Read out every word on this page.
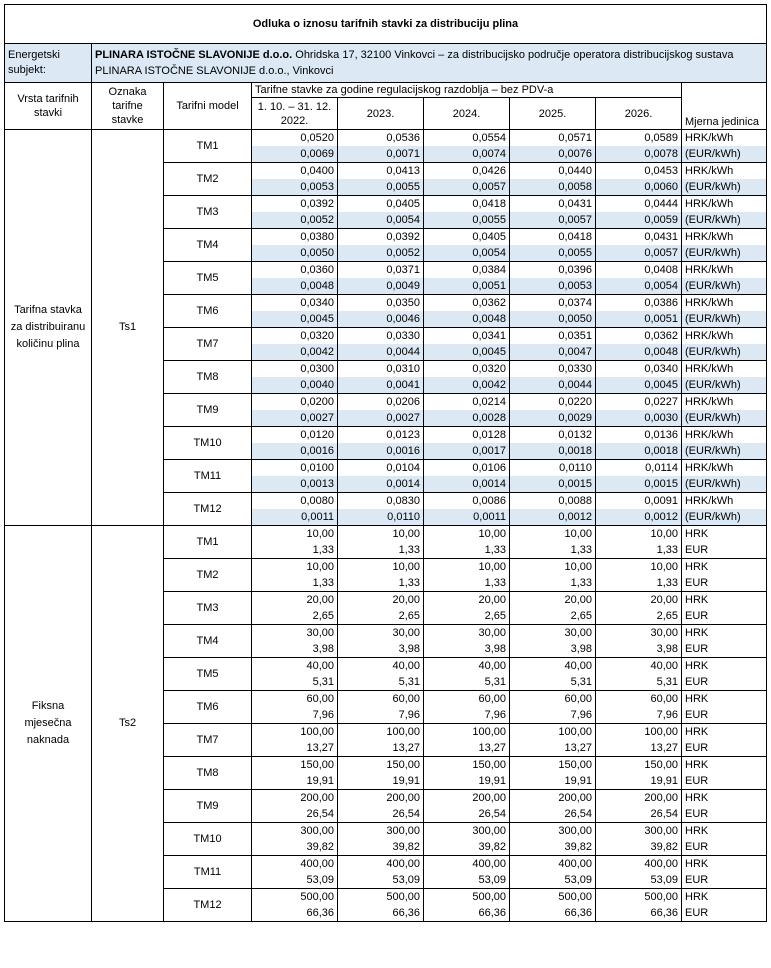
Odluka o iznosu tarifnih stavki za distribuciju plina								
Energetski subjekt:	PLINARA ISTOČNE SLAVONIJE d.o.o. Ohridska 17, 32100 Vinkovci – za distribucijsko područje operatora distribucijskog sustava PLINARA ISTOČNE SLAVONIJE d.o.o., Vinkovci							
Vrsta tarifnih stavki	Oznaka tarifne stavke	Tarifni model	Tarifne stavke za godine regulacijskog razdoblja – bez PDV-a					Mjerna jedinica
			1. 10. – 31. 12. 2022.	2023.	2024.	2025.	2026.	
Tarifna stavka za distribuiranu količinu plina	Ts1	TM1	0,0520	0,0536	0,0554	0,0571	0,0589	HRK/kWh
			0,0069	0,0071	0,0074	0,0076	0,0078	(EUR/kWh)
		TM2	0,0400	0,0413	0,0426	0,0440	0,0453	HRK/kWh
			0,0053	0,0055	0,0057	0,0058	0,0060	(EUR/kWh)
		TM3	0,0392	0,0405	0,0418	0,0431	0,0444	HRK/kWh
			0,0052	0,0054	0,0055	0,0057	0,0059	(EUR/kWh)
		TM4	0,0380	0,0392	0,0405	0,0418	0,0431	HRK/kWh
			0,0050	0,0052	0,0054	0,0055	0,0057	(EUR/kWh)
		TM5	0,0360	0,0371	0,0384	0,0396	0,0408	HRK/kWh
			0,0048	0,0049	0,0051	0,0053	0,0054	(EUR/kWh)
		TM6	0,0340	0,0350	0,0362	0,0374	0,0386	HRK/kWh
			0,0045	0,0046	0,0048	0,0050	0,0051	(EUR/kWh)
		TM7	0,0320	0,0330	0,0341	0,0351	0,0362	HRK/kWh
			0,0042	0,0044	0,0045	0,0047	0,0048	(EUR/kWh)
		TM8	0,0300	0,0310	0,0320	0,0330	0,0340	HRK/kWh
			0,0040	0,0041	0,0042	0,0044	0,0045	(EUR/kWh)
		TM9	0,0200	0,0206	0,0214	0,0220	0,0227	HRK/kWh
			0,0027	0,0027	0,0028	0,0029	0,0030	(EUR/kWh)
		TM10	0,0120	0,0123	0,0128	0,0132	0,0136	HRK/kWh
			0,0016	0,0016	0,0017	0,0018	0,0018	(EUR/kWh)
		TM11	0,0100	0,0104	0,0106	0,0110	0,0114	HRK/kWh
			0,0013	0,0014	0,0014	0,0015	0,0015	(EUR/kWh)
		TM12	0,0080	0,0830	0,0086	0,0088	0,0091	HRK/kWh
			0,0011	0,0110	0,0011	0,0012	0,0012	(EUR/kWh)
Fiksna mjesečna naknada	Ts2	TM1	10,00	10,00	10,00	10,00	10,00	HRK
			1,33	1,33	1,33	1,33	1,33	EUR
		TM2	10,00	10,00	10,00	10,00	10,00	HRK
			1,33	1,33	1,33	1,33	1,33	EUR
		TM3	20,00	20,00	20,00	20,00	20,00	HRK
			2,65	2,65	2,65	2,65	2,65	EUR
		TM4	30,00	30,00	30,00	30,00	30,00	HRK
			3,98	3,98	3,98	3,98	3,98	EUR
		TM5	40,00	40,00	40,00	40,00	40,00	HRK
			5,31	5,31	5,31	5,31	5,31	EUR
		TM6	60,00	60,00	60,00	60,00	60,00	HRK
			7,96	7,96	7,96	7,96	7,96	EUR
		TM7	100,00	100,00	100,00	100,00	100,00	HRK
			13,27	13,27	13,27	13,27	13,27	EUR
		TM8	150,00	150,00	150,00	150,00	150,00	HRK
			19,91	19,91	19,91	19,91	19,91	EUR
		TM9	200,00	200,00	200,00	200,00	200,00	HRK
			26,54	26,54	26,54	26,54	26,54	EUR
		TM10	300,00	300,00	300,00	300,00	300,00	HRK
			39,82	39,82	39,82	39,82	39,82	EUR
		TM11	400,00	400,00	400,00	400,00	400,00	HRK
			53,09	53,09	53,09	53,09	53,09	EUR
		TM12	500,00	500,00	500,00	500,00	500,00	HRK
			66,36	66,36	66,36	66,36	66,36	EUR
